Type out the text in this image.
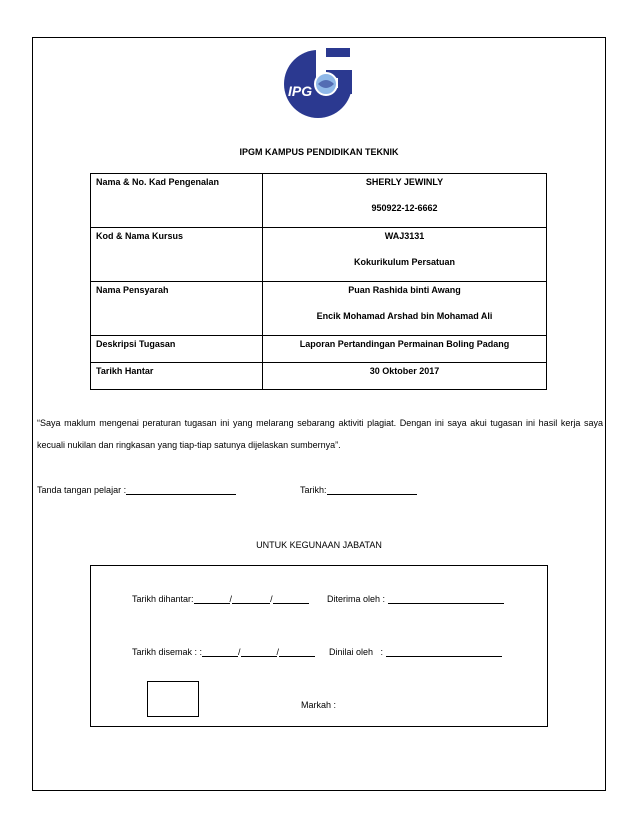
IPG
IPGM KAMPUS PENDIDIKAN TEKNIK
Nama & No. Kad Pengenalan	SHERLY JEWINLY
950922-12-6662

Kod & Nama Kursus	WAJ3131
Kokurikulum Persatuan

Nama Pensyarah	Puan Rashida binti Awang
Encik Mohamad Arshad bin Mohamad Ali

Deskripsi Tugasan	Laporan Pertandingan Permainan Boling Padang
Tarikh Hantar	30 Oktober 2017
“Saya maklum mengenai peraturan tugasan ini yang melarang sebarang aktiviti plagiat. Dengan ini saya akui tugasan ini hasil kerja saya kecuali nukilan dan ringkasan yang tiap-tiap satunya dijelaskan sumbernya”.
Tanda tangan pelajar :	Tarikh:
UNTUK KEGUNAAN JABATAN
Tarikh dihantar:	/	/	Diterima oleh :
Tarikh disemak : :	/	/	Dinilai oleh :
Markah :
